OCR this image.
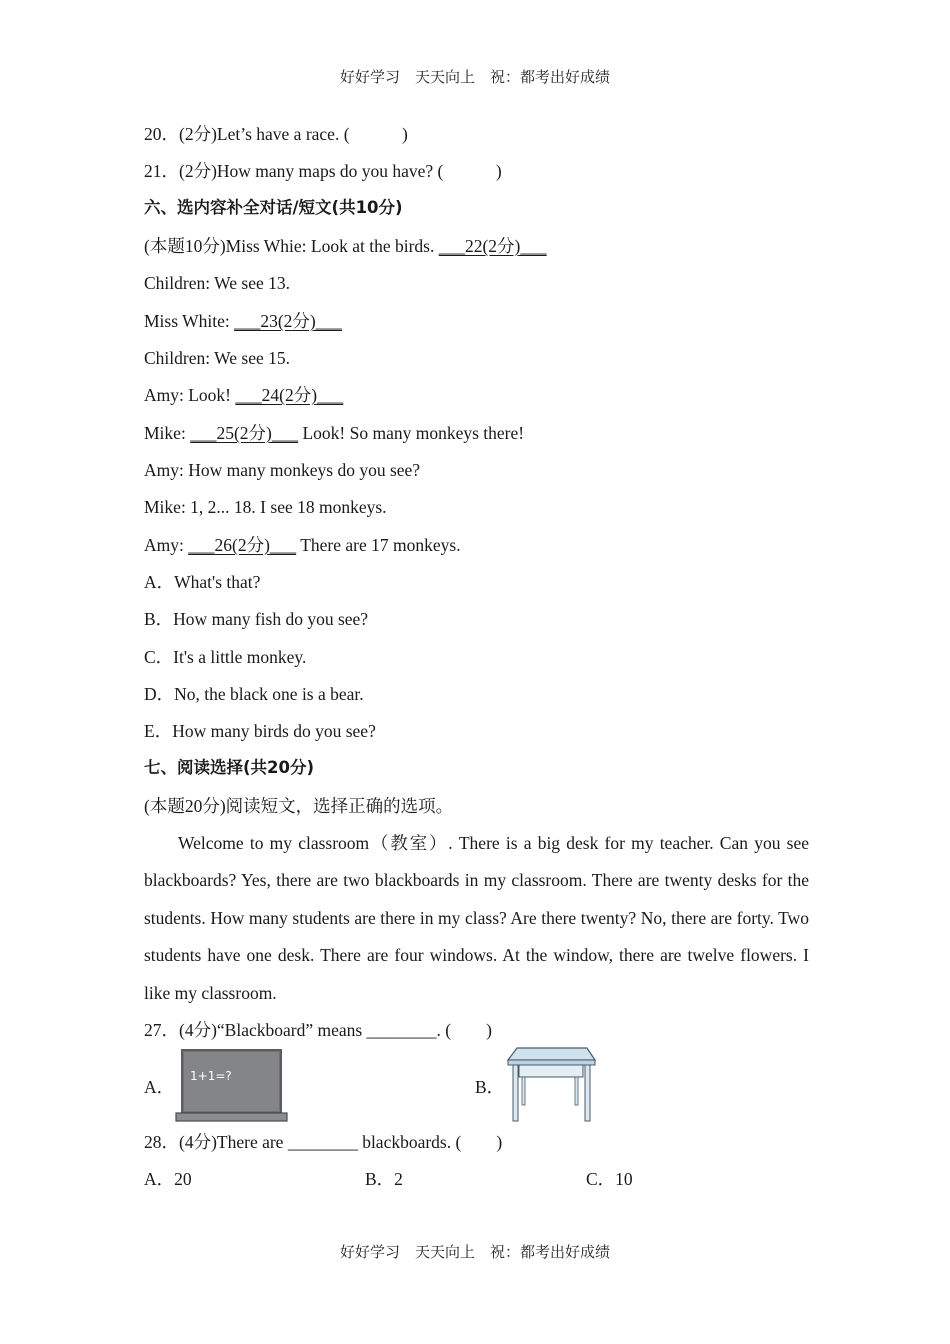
好好学习　天天向上　祝：都考出好成绩
20．(2分)Let’s have a race. (　　　)
21．(2分)How many maps do you have? (　　　)
六、选内容补全对话/短文(共10分)
(本题10分)Miss Whie: Look at the birds. ___22(2分)___
Children: We see 13.
Miss White: ___23(2分)___
Children: We see 15.
Amy: Look! ___24(2分)___
Mike: ___25(2分)___ Look! So many monkeys there!
Amy: How many monkeys do you see?
Mike: 1, 2... 18. I see 18 monkeys.
Amy: ___26(2分)___ There are 17 monkeys.
A．What's that?
B．How many fish do you see?
C．It's a little monkey.
D．No, the black one is a bear.
E．How many birds do you see?
七、阅读选择(共20分)
(本题20分)阅读短文，选择正确的选项。
Welcome to my classroom（教室）. There is a big desk for my teacher. Can you see blackboards? Yes, there are two blackboards in my classroom. There are twenty desks for the students. How many students are there in my class? Are there twenty? No, there are forty. Two students have one desk. There are four windows. At the window, there are twelve flowers. I like my classroom.
27．(4分)“Blackboard” means ________. (　　)
A．
1+1=?
B．
28．(4分)There are ________ blackboards. (　　)
A．20	B．2	C．10
好好学习　天天向上　祝：都考出好成绩
